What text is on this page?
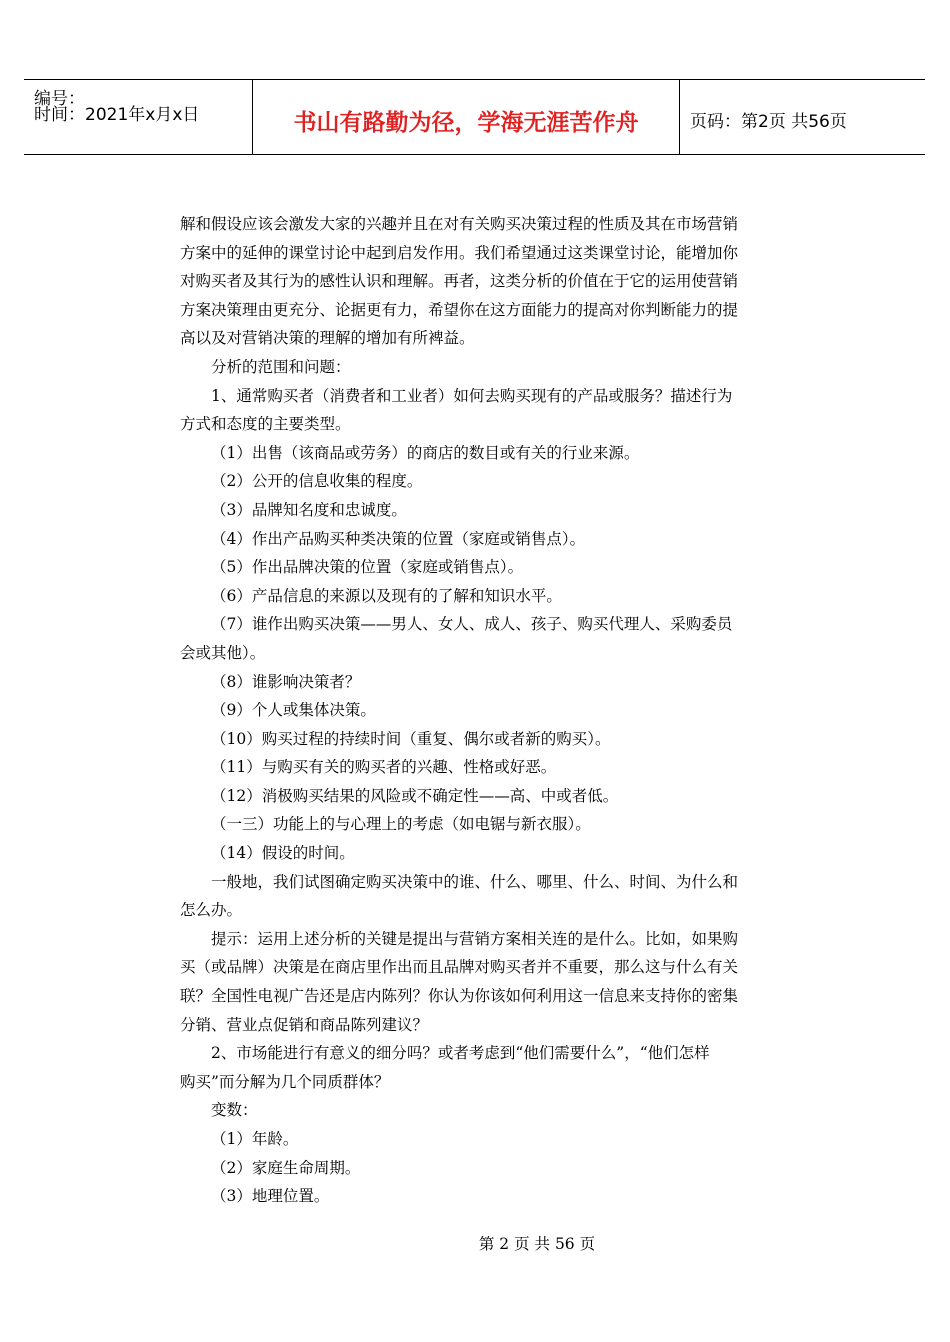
编号：
时间：2021年x月x日	书山有路勤为径，学海无涯苦作舟	页码：第2页 共56页

解和假设应该会激发大家的兴趣并且在对有关购买决策过程的性质及其在市场营销

方案中的延伸的课堂讨论中起到启发作用。我们希望通过这类课堂讨论，能增加你

对购买者及其行为的感性认识和理解。再者，这类分析的价值在于它的运用使营销

方案决策理由更充分、论据更有力，希望你在这方面能力的提高对你判断能力的提

高以及对营销决策的理解的增加有所裨益。

分析的范围和问题：

1、通常购买者（消费者和工业者）如何去购买现有的产品或服务？描述行为

方式和态度的主要类型。

（1）出售（该商品或劳务）的商店的数目或有关的行业来源。

（2）公开的信息收集的程度。

（3）品牌知名度和忠诚度。

（4）作出产品购买种类决策的位置（家庭或销售点）。

（5）作出品牌决策的位置（家庭或销售点）。

（6）产品信息的来源以及现有的了解和知识水平。

（7）谁作出购买决策——男人、女人、成人、孩子、购买代理人、采购委员

会或其他）。

（8）谁影响决策者？

（9）个人或集体决策。

（10）购买过程的持续时间（重复、偶尔或者新的购买）。

（11）与购买有关的购买者的兴趣、性格或好恶。

（12）消极购买结果的风险或不确定性——高、中或者低。

（一三）功能上的与心理上的考虑（如电锯与新衣服）。

（14）假设的时间。

一般地，我们试图确定购买决策中的谁、什么、哪里、什么、时间、为什么和

怎么办。

提示：运用上述分析的关键是提出与营销方案相关连的是什么。比如，如果购

买（或品牌）决策是在商店里作出而且品牌对购买者并不重要，那么这与什么有关

联？全国性电视广告还是店内陈列？你认为你该如何利用这一信息来支持你的密集

分销、营业点促销和商品陈列建议？

2、市场能进行有意义的细分吗？或者考虑到“他们需要什么”，“他们怎样

购买”而分解为几个同质群体？

变数：

（1）年龄。

（2）家庭生命周期。

（3）地理位置。

第 2 页 共 56 页
